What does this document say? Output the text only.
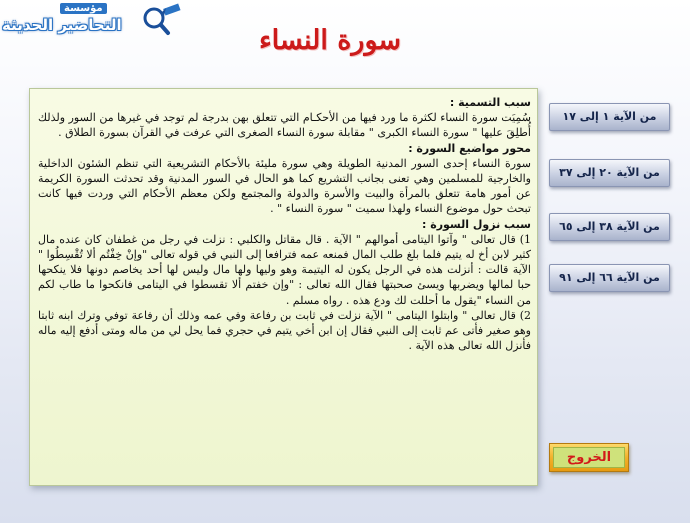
مؤسسة
التحاضير الحديثة	سورة النساء

سبب التسمية :

سُمِيَت سورة النساء لكثرة ما ورد فيها من الأحكـام التي تتعلق بهن بدرجة لم توجد في غيرها من السور ولذلك أُطلِقَ عليها " سورة النساء الكبرى " مقابلة سورة النساء الصغرى التي عرفت في القرآن بسورة الطلاق .

محور مواضيع السورة :

سورة النساء إحدى السور المدنية الطويلة وهي سورة مليئة بالأحكام التشريعية التي تنظم الشئون الداخلية والخارجية للمسلمين وهي تعنى بجانب التشريع كما هو الحال في السور المدنية وقد تحدثت السورة الكريمة عن أمور هامة تتعلق بالمرأة والبيت والأسرة والدولة والمجتمع ولكن معظم الأحكام التي وردت فيها كانت تبحث حول موضوع النساء ولهذا سميت " سورة النساء " .

سبب نزول السورة :

1) قال تعالى " وآتوا اليتامى أموالهم " الآية . قال مقاتل والكلبي : نزلت في رجل من غطفان كان عنده مال كثير لابن أخ له يتيم فلما بلغ طلب المال فمنعه عمه فترافعا إلى النبي في قوله تعالى "وإنْ خِفْتُم ألا تُقْسِطُوا " الآية قالت : أنزلت هذه في الرجل يكون له اليتيمة وهو وليها ولها مال وليس لها أحد يخاصم دونها فلا ينكحها حبا لمالها ويضربها ويسئ صحبتها فقال الله تعالى : "وإن خفتم ألا تقسطوا في اليتامى فانكحوا ما طاب لكم من النساء "يقول ما أحللت لك ودع هذه . رواه مسلم .

2) قال تعالى " وابتلوا اليتامى " الآية نزلت في ثابت بن رفاعة وفي عمه وذلك أن رفاعة توفي وترك ابنه ثابتا وهو صغير فأتى عم ثابت إلى النبي فقال إن ابن أخي يتيم في حجري فما يحل لي من ماله ومتى أدفع إليه ماله فأنزل الله تعالى هذه الآية .

من الآية ١ إلى ١٧
من الآية ٢٠ إلى ٣٧
من الآية ٣٨ إلى ٦٥
من الآية ٦٦ إلى ٩١
الخروج
